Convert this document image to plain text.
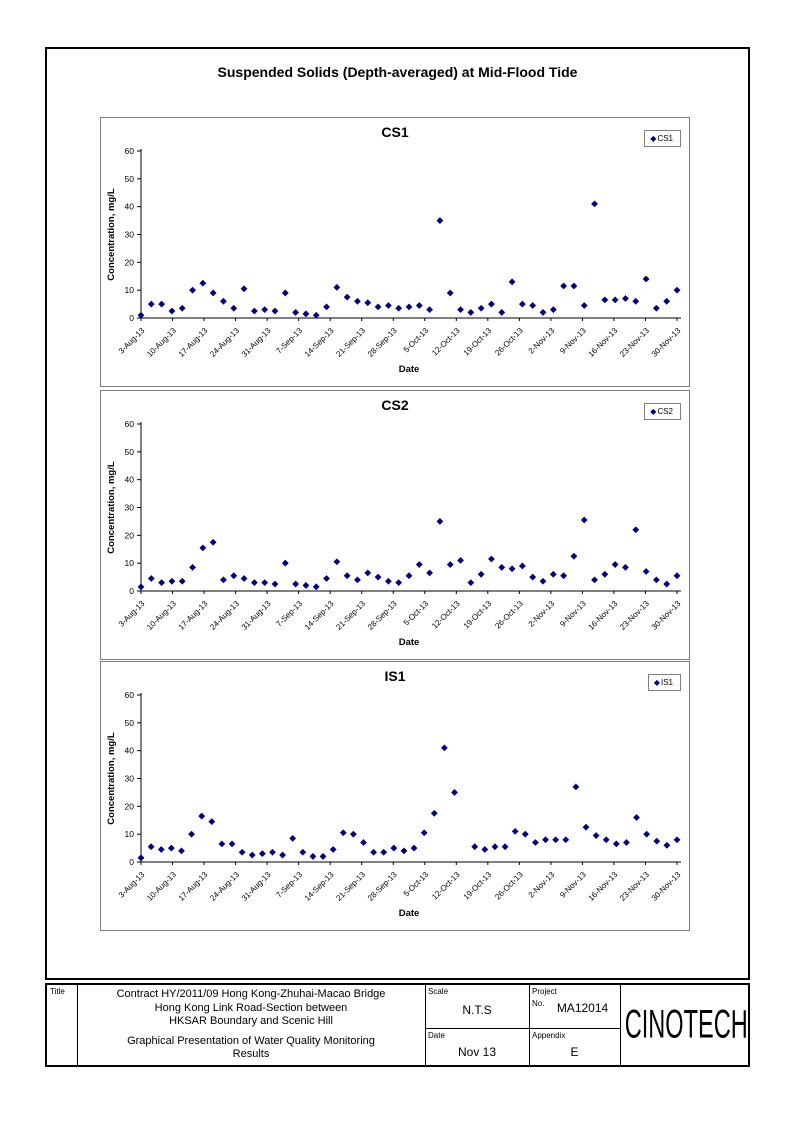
Suspended Solids (Depth-averaged) at Mid-Flood Tide
0
10
20
30
40
50
60
3-Aug-13
10-Aug-13
17-Aug-13
24-Aug-13
31-Aug-13 7-Sep-13
14-Sep-13
21-Sep-13
28-Sep-13 5-Oct-13 12-Oct-13 19-Oct-13 26-Oct-13 2-Nov-13 9-Nov-13
16-Nov-13
23-Nov-13
30-Nov-13
Date
Concentration, mg/L
CS1	◆CS1
0
10
20
30
40
50
60
3-Aug-13
10-Aug-13
17-Aug-13
24-Aug-13
31-Aug-13 7-Sep-13
14-Sep-13
21-Sep-13
28-Sep-13 5-Oct-13 12-Oct-13 19-Oct-13 26-Oct-13 2-Nov-13 9-Nov-13
16-Nov-13
23-Nov-13
30-Nov-13
Date
Concentration, mg/L
CS2	◆CS2
0
10
20
30
40
50
60
3-Aug-13
10-Aug-13
17-Aug-13
24-Aug-13
31-Aug-13 7-Sep-13
14-Sep-13
21-Sep-13
28-Sep-13 5-Oct-13 12-Oct-13 19-Oct-13 26-Oct-13 2-Nov-13 9-Nov-13
16-Nov-13
23-Nov-13
30-Nov-13
Date
Concentration, mg/L
IS1	◆IS1
Title	Contract HY/2011/09 Hong Kong-Zhuhai-Macao Bridge
Hong Kong Link Road-Section between
HKSAR Boundary and Scenic Hill
Graphical Presentation of Water Quality Monitoring
Results
Scale
N.T.S
Project
No.	MA12014
Date
Nov 13
Appendix
E
CINOTECH
